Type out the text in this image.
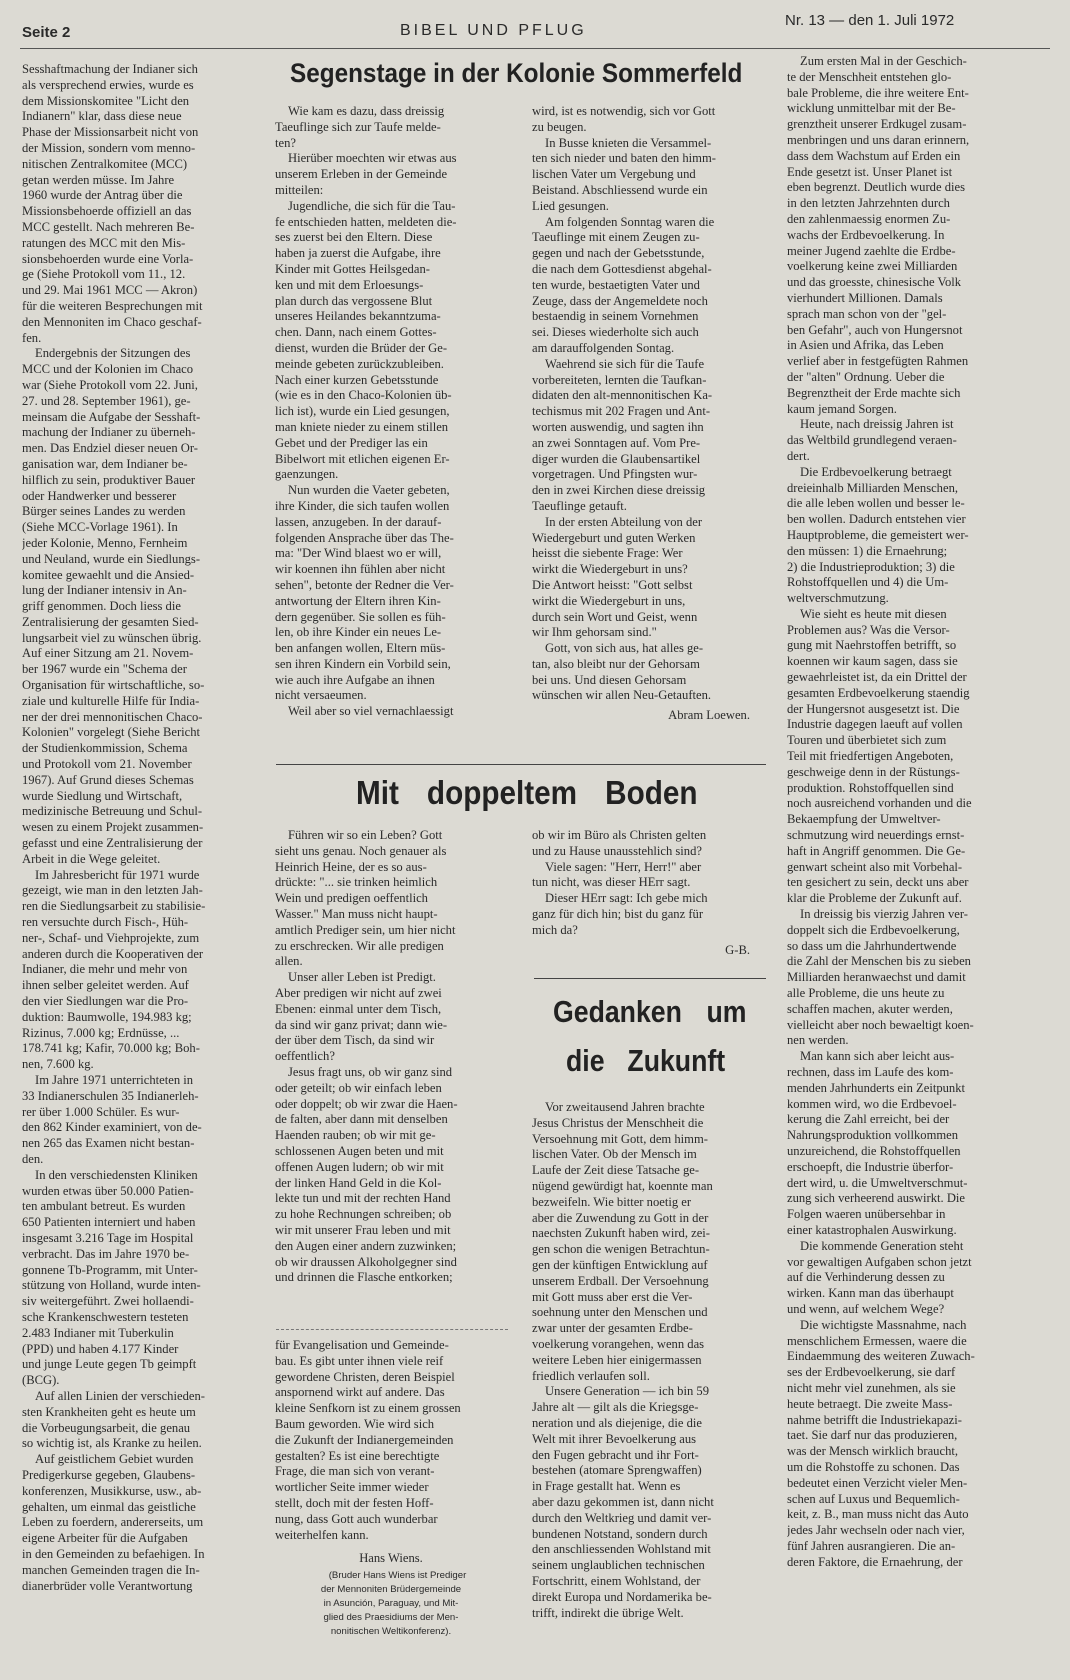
Seite 2	BIBEL UND PFLUG
Nr. 13 — den 1. Juli 1972

Sesshaftmachung der Indianer sich
als versprechend erwies, wurde es
dem Missionskomitee "Licht den
Indianern" klar, dass diese neue
Phase der Missionsarbeit nicht von
der Mission, sondern vom menno-
nitischen Zentralkomitee (MCC)
getan werden müsse. Im Jahre
1960 wurde der Antrag über die
Missionsbehoerde offiziell an das
MCC gestellt. Nach mehreren Be-
ratungen des MCC mit den Mis-
sionsbehoerden wurde eine Vorla-
ge (Siehe Protokoll vom 11., 12.
und 29. Mai 1961 MCC — Akron)
für die weiteren Besprechungen mit
den Mennoniten im Chaco geschaf-
fen.

Endergebnis der Sitzungen des
MCC und der Kolonien im Chaco
war (Siehe Protokoll vom 22. Juni,
27. und 28. September 1961), ge-
meinsam die Aufgabe der Sesshaft-
machung der Indianer zu überneh-
men. Das Endziel dieser neuen Or-
ganisation war, dem Indianer be-
hilflich zu sein, produktiver Bauer
oder Handwerker und besserer
Bürger seines Landes zu werden
(Siehe MCC-Vorlage 1961). In
jeder Kolonie, Menno, Fernheim
und Neuland, wurde ein Siedlungs-
komitee gewaehlt und die Ansied-
lung der Indianer intensiv in An-
griff genommen. Doch liess die
Zentralisierung der gesamten Sied-
lungsarbeit viel zu wünschen übrig.
Auf einer Sitzung am 21. Novem-
ber 1967 wurde ein "Schema der
Organisation für wirtschaftliche, so-
ziale und kulturelle Hilfe für India-
ner der drei mennonitischen Chaco-
Kolonien" vorgelegt (Siehe Bericht
der Studienkommission, Schema
und Protokoll vom 21. November
1967). Auf Grund dieses Schemas
wurde Siedlung und Wirtschaft,
medizinische Betreuung und Schul-
wesen zu einem Projekt zusammen-
gefasst und eine Zentralisierung der
Arbeit in die Wege geleitet.

Im Jahresbericht für 1971 wurde
gezeigt, wie man in den letzten Jah-
ren die Siedlungsarbeit zu stabilisie-
ren versuchte durch Fisch-, Hüh-
ner-, Schaf- und Viehprojekte, zum
anderen durch die Kooperativen der
Indianer, die mehr und mehr von
ihnen selber geleitet werden. Auf
den vier Siedlungen war die Pro-
duktion: Baumwolle, 194.983 kg;
Rizinus, 7.000 kg; Erdnüsse, ...
178.741 kg; Kafir, 70.000 kg; Boh-
nen, 7.600 kg.

Im Jahre 1971 unterrichteten in
33 Indianerschulen 35 Indianerleh-
rer über 1.000 Schüler. Es wur-
den 862 Kinder examiniert, von de-
nen 265 das Examen nicht bestan-
den.

In den verschiedensten Kliniken
wurden etwas über 50.000 Patien-
ten ambulant betreut. Es wurden
650 Patienten interniert und haben
insgesamt 3.216 Tage im Hospital
verbracht. Das im Jahre 1970 be-
gonnene Tb-Programm, mit Unter-
stützung von Holland, wurde inten-
siv weitergeführt. Zwei hollaendi-
sche Krankenschwestern testeten
2.483 Indianer mit Tuberkulin
(PPD) und haben 4.177 Kinder
und junge Leute gegen Tb geimpft
(BCG).

Auf allen Linien der verschieden-
sten Krankheiten geht es heute um
die Vorbeugungsarbeit, die genau
so wichtig ist, als Kranke zu heilen.

Auf geistlichem Gebiet wurden
Predigerkurse gegeben, Glaubens-
konferenzen, Musikkurse, usw., ab-
gehalten, um einmal das geistliche
Leben zu foerdern, andererseits, um
eigene Arbeiter für die Aufgaben
in den Gemeinden zu befaehigen. In
manchen Gemeinden tragen die In-
dianerbrüder volle Verantwortung

Segenstage in der Kolonie Sommerfeld

Wie kam es dazu, dass dreissig
Taeuflinge sich zur Taufe melde-
ten?

Hierüber moechten wir etwas aus
unserem Erleben in der Gemeinde
mitteilen:

Jugendliche, die sich für die Tau-
fe entschieden hatten, meldeten die-
ses zuerst bei den Eltern. Diese
haben ja zuerst die Aufgabe, ihre
Kinder mit Gottes Heilsgedan-
ken und mit dem Erloesungs-
plan durch das vergossene Blut
unseres Heilandes bekanntzuma-
chen. Dann, nach einem Gottes-
dienst, wurden die Brüder der Ge-
meinde gebeten zurückzubleiben.
Nach einer kurzen Gebetsstunde
(wie es in den Chaco-Kolonien üb-
lich ist), wurde ein Lied gesungen,
man kniete nieder zu einem stillen
Gebet und der Prediger las ein
Bibelwort mit etlichen eigenen Er-
gaenzungen.

Nun wurden die Vaeter gebeten,
ihre Kinder, die sich taufen wollen
lassen, anzugeben. In der darauf-
folgenden Ansprache über das The-
ma: "Der Wind blaest wo er will,
wir koennen ihn fühlen aber nicht
sehen", betonte der Redner die Ver-
antwortung der Eltern ihren Kin-
dern gegenüber. Sie sollen es füh-
len, ob ihre Kinder ein neues Le-
ben anfangen wollen, Eltern müs-
sen ihren Kindern ein Vorbild sein,
wie auch ihre Aufgabe an ihnen
nicht versaeumen.

Weil aber so viel vernachlaessigt

wird, ist es notwendig, sich vor Gott
zu beugen.

In Busse knieten die Versammel-
ten sich nieder und baten den himm-
lischen Vater um Vergebung und
Beistand. Abschliessend wurde ein
Lied gesungen.

Am folgenden Sonntag waren die
Taeuflinge mit einem Zeugen zu-
gegen und nach der Gebetsstunde,
die nach dem Gottesdienst abgehal-
ten wurde, bestaetigten Vater und
Zeuge, dass der Angemeldete noch
bestaendig in seinem Vornehmen
sei. Dieses wiederholte sich auch
am darauffolgenden Sontag.

Waehrend sie sich für die Taufe
vorbereiteten, lernten die Taufkan-
didaten den alt-mennonitischen Ka-
techismus mit 202 Fragen und Ant-
worten auswendig, und sagten ihn
an zwei Sonntagen auf. Vom Pre-
diger wurden die Glaubensartikel
vorgetragen. Und Pfingsten wur-
den in zwei Kirchen diese dreissig
Taeuflinge getauft.

In der ersten Abteilung von der
Wiedergeburt und guten Werken
heisst die siebente Frage: Wer
wirkt die Wiedergeburt in uns?
Die Antwort heisst: "Gott selbst
wirkt die Wiedergeburt in uns,
durch sein Wort und Geist, wenn
wir Ihm gehorsam sind."

Gott, von sich aus, hat alles ge-
tan, also bleibt nur der Gehorsam
bei uns. Und diesen Gehorsam
wünschen wir allen Neu-Getauften.

Abram Loewen.
Mit doppeltem Boden

Führen wir so ein Leben? Gott
sieht uns genau. Noch genauer als
Heinrich Heine, der es so aus-
drückte: "... sie trinken heimlich
Wein und predigen oeffentlich
Wasser." Man muss nicht haupt-
amtlich Prediger sein, um hier nicht
zu erschrecken. Wir alle predigen
allen.

Unser aller Leben ist Predigt.
Aber predigen wir nicht auf zwei
Ebenen: einmal unter dem Tisch,
da sind wir ganz privat; dann wie-
der über dem Tisch, da sind wir
oeffentlich?

Jesus fragt uns, ob wir ganz sind
oder geteilt; ob wir einfach leben
oder doppelt; ob wir zwar die Haen-
de falten, aber dann mit denselben
Haenden rauben; ob wir mit ge-
schlossenen Augen beten und mit
offenen Augen ludern; ob wir mit
der linken Hand Geld in die Kol-
lekte tun und mit der rechten Hand
zu hohe Rechnungen schreiben; ob
wir mit unserer Frau leben und mit
den Augen einer andern zuzwinken;
ob wir draussen Alkoholgegner sind
und drinnen die Flasche entkorken;

ob wir im Büro als Christen gelten
und zu Hause unausstehlich sind?

Viele sagen: "Herr, Herr!" aber
tun nicht, was dieser HErr sagt.

Dieser HErr sagt: Ich gebe mich
ganz für dich hin; bist du ganz für
mich da?

G-B.

für Evangelisation und Gemeinde-
bau. Es gibt unter ihnen viele reif
gewordene Christen, deren Beispiel
anspornend wirkt auf andere. Das
kleine Senfkorn ist zu einem grossen
Baum geworden. Wie wird sich
die Zukunft der Indianergemeinden
gestalten? Es ist eine berechtigte
Frage, die man sich von verant-
wortlicher Seite immer wieder
stellt, doch mit der festen Hoff-
nung, dass Gott auch wunderbar
weiterhelfen kann.

Hans Wiens.

(Bruder Hans Wiens ist Prediger
der Mennoniten Brüdergemeinde
in Asunción, Paraguay, und Mit-
glied des Praesidiums der Men-
nonitischen Weltikonferenz).

Gedanken um
die Zukunft

Vor zweitausend Jahren brachte
Jesus Christus der Menschheit die
Versoehnung mit Gott, dem himm-
lischen Vater. Ob der Mensch im
Laufe der Zeit diese Tatsache ge-
nügend gewürdigt hat, koennte man
bezweifeln. Wie bitter noetig er
aber die Zuwendung zu Gott in der
naechsten Zukunft haben wird, zei-
gen schon die wenigen Betrachtun-
gen der künftigen Entwicklung auf
unserem Erdball. Der Versoehnung
mit Gott muss aber erst die Ver-
soehnung unter den Menschen und
zwar unter der gesamten Erdbe-
voelkerung vorangehen, wenn das
weitere Leben hier einigermassen
friedlich verlaufen soll.

Unsere Generation — ich bin 59
Jahre alt — gilt als die Kriegsge-
neration und als diejenige, die die
Welt mit ihrer Bevoelkerung aus
den Fugen gebracht und ihr Fort-
bestehen (atomare Sprengwaffen)
in Frage gestallt hat. Wenn es
aber dazu gekommen ist, dann nicht
durch den Weltkrieg und damit ver-
bundenen Notstand, sondern durch
den anschliessenden Wohlstand mit
seinem unglaublichen technischen
Fortschritt, einem Wohlstand, der
direkt Europa und Nordamerika be-
trifft, indirekt die übrige Welt.

Zum ersten Mal in der Geschich-
te der Menschheit entstehen glo-
bale Probleme, die ihre weitere Ent-
wicklung unmittelbar mit der Be-
grenztheit unserer Erdkugel zusam-
menbringen und uns daran erinnern,
dass dem Wachstum auf Erden ein
Ende gesetzt ist. Unser Planet ist
eben begrenzt. Deutlich wurde dies
in den letzten Jahrzehnten durch
den zahlenmaessig enormen Zu-
wachs der Erdbevoelkerung. In
meiner Jugend zaehlte die Erdbe-
voelkerung keine zwei Milliarden
und das groesste, chinesische Volk
vierhundert Millionen. Damals
sprach man schon von der "gel-
ben Gefahr", auch von Hungersnot
in Asien und Afrika, das Leben
verlief aber in festgefügten Rahmen
der "alten" Ordnung. Ueber die
Begrenztheit der Erde machte sich
kaum jemand Sorgen.

Heute, nach dreissig Jahren ist
das Weltbild grundlegend veraen-
dert.

Die Erdbevoelkerung betraegt
dreieinhalb Milliarden Menschen,
die alle leben wollen und besser le-
ben wollen. Dadurch entstehen vier
Hauptprobleme, die gemeistert wer-
den müssen: 1) die Ernaehrung;
2) die Industrieproduktion; 3) die
Rohstoffquellen und 4) die Um-
weltverschmutzung.

Wie sieht es heute mit diesen
Problemen aus? Was die Versor-
gung mit Naehrstoffen betrifft, so
koennen wir kaum sagen, dass sie
gewaehrleistet ist, da ein Drittel der
gesamten Erdbevoelkerung staendig
der Hungersnot ausgesetzt ist. Die
Industrie dagegen laeuft auf vollen
Touren und überbietet sich zum
Teil mit friedfertigen Angeboten,
geschweige denn in der Rüstungs-
produktion. Rohstoffquellen sind
noch ausreichend vorhanden und die
Bekaempfung der Umweltver-
schmutzung wird neuerdings ernst-
haft in Angriff genommen. Die Ge-
genwart scheint also mit Vorbehal-
ten gesichert zu sein, deckt uns aber
klar die Probleme der Zukunft auf.

In dreissig bis vierzig Jahren ver-
doppelt sich die Erdbevoelkerung,
so dass um die Jahrhundertwende
die Zahl der Menschen bis zu sieben
Milliarden heranwaechst und damit
alle Probleme, die uns heute zu
schaffen machen, akuter werden,
vielleicht aber noch bewaeltigt koen-
nen werden.

Man kann sich aber leicht aus-
rechnen, dass im Laufe des kom-
menden Jahrhunderts ein Zeitpunkt
kommen wird, wo die Erdbevoel-
kerung die Zahl erreicht, bei der
Nahrungsproduktion vollkommen
unzureichend, die Rohstoffquellen
erschoepft, die Industrie überfor-
dert wird, u. die Umweltverschmut-
zung sich verheerend auswirkt. Die
Folgen waeren unübersehbar in
einer katastrophalen Auswirkung.

Die kommende Generation steht
vor gewaltigen Aufgaben schon jetzt
auf die Verhinderung dessen zu
wirken. Kann man das überhaupt
und wenn, auf welchem Wege?

Die wichtigste Massnahme, nach
menschlichem Ermessen, waere die
Eindaemmung des weiteren Zuwach-
ses der Erdbevoelkerung, sie darf
nicht mehr viel zunehmen, als sie
heute betraegt. Die zweite Mass-
nahme betrifft die Industriekapazi-
taet. Sie darf nur das produzieren,
was der Mensch wirklich braucht,
um die Rohstoffe zu schonen. Das
bedeutet einen Verzicht vieler Men-
schen auf Luxus und Bequemlich-
keit, z. B., man muss nicht das Auto
jedes Jahr wechseln oder nach vier,
fünf Jahren ausrangieren. Die an-
deren Faktore, die Ernaehrung, der
